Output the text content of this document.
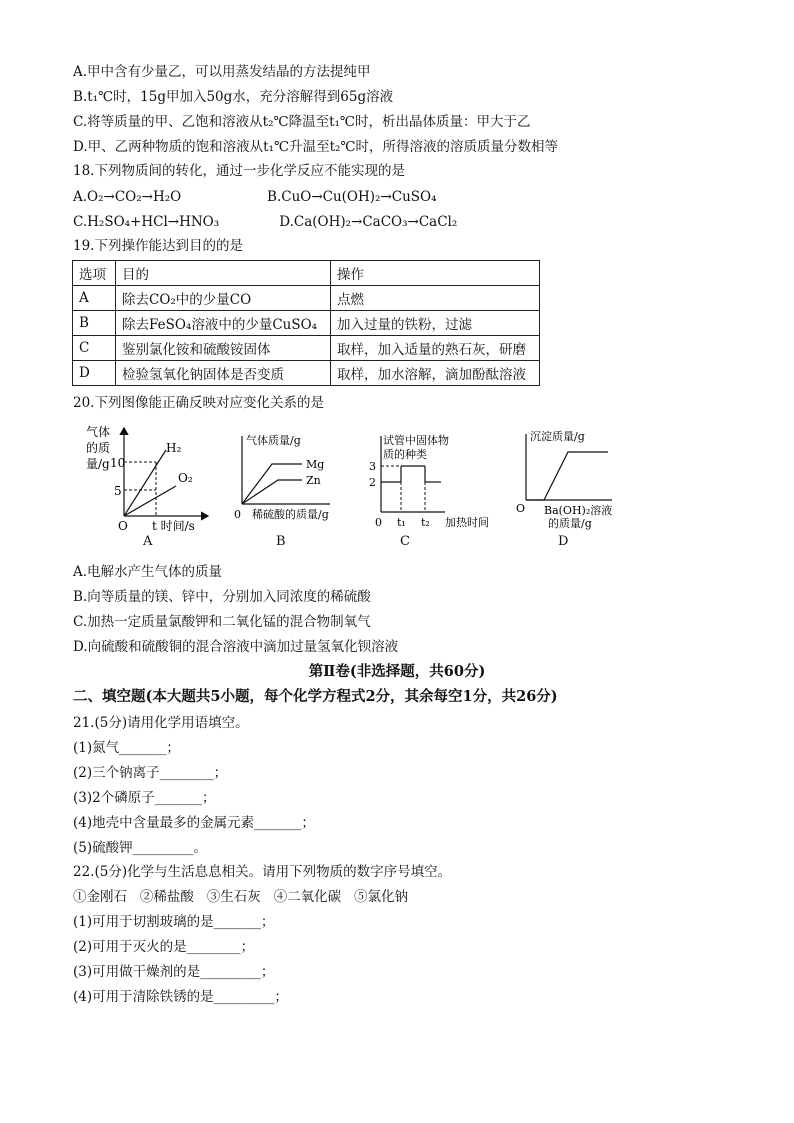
A.甲中含有少量乙，可以用蒸发结晶的方法提纯甲
B.t₁℃时，15g甲加入50g水，充分溶解得到65g溶液
C.将等质量的甲、乙饱和溶液从t₂℃降温至t₁℃时，析出晶体质量：甲大于乙
D.甲、乙两种物质的饱和溶液从t₁℃升温至t₂℃时，所得溶液的溶质质量分数相等
18.下列物质间的转化，通过一步化学反应不能实现的是
A.O₂→CO₂→H₂O                    B.CuO→Cu(OH)₂→CuSO₄
C.H₂SO₄+HCl→HNO₃              D.Ca(OH)₂→CaCO₃→CaCl₂
19.下列操作能达到目的的是
选项	目的	操作
A	除去CO₂中的少量CO	点燃
B	除去FeSO₄溶液中的少量CuSO₄	加入过量的铁粉，过滤
C	鉴别氯化铵和硫酸铵固体	取样，加入适量的熟石灰，研磨
D	检验氢氧化钠固体是否变质	取样，加水溶解，滴加酚酞溶液
20.下列图像能正确反映对应变化关系的是
气体
的质
量/g 10
5
H₂
O₂
O t 时间/s
A
气体质量/g
Mg
Zn
0 稀硫酸的质量/g
B
试管中固体物
质的种类
3
2
0 t₁ t₂ 加热时间
C
沉淀质量/g
O Ba(OH)₂溶液
的质量/g
D
A.电解水产生气体的质量
B.向等质量的镁、锌中，分别加入同浓度的稀硫酸
C.加热一定质量氯酸钾和二氧化锰的混合物制氧气
D.向硫酸和硫酸铜的混合溶液中滴加过量氢氧化钡溶液
第Ⅱ卷(非选择题，共60分)
二、填空题(本大题共5小题，每个化学方程式2分，其余每空1分，共26分)
21.(5分)请用化学用语填空。
(1)氮气_______；
(2)三个钠离子________；
(3)2个磷原子_______；
(4)地壳中含量最多的金属元素_______；
(5)硫酸钾_________。
22.(5分)化学与生活息息相关。请用下列物质的数字序号填空。
①金刚石   ②稀盐酸   ③生石灰   ④二氧化碳   ⑤氯化钠
(1)可用于切割玻璃的是_______；
(2)可用于灭火的是________；
(3)可用做干燥剂的是_________；
(4)可用于清除铁锈的是_________；
